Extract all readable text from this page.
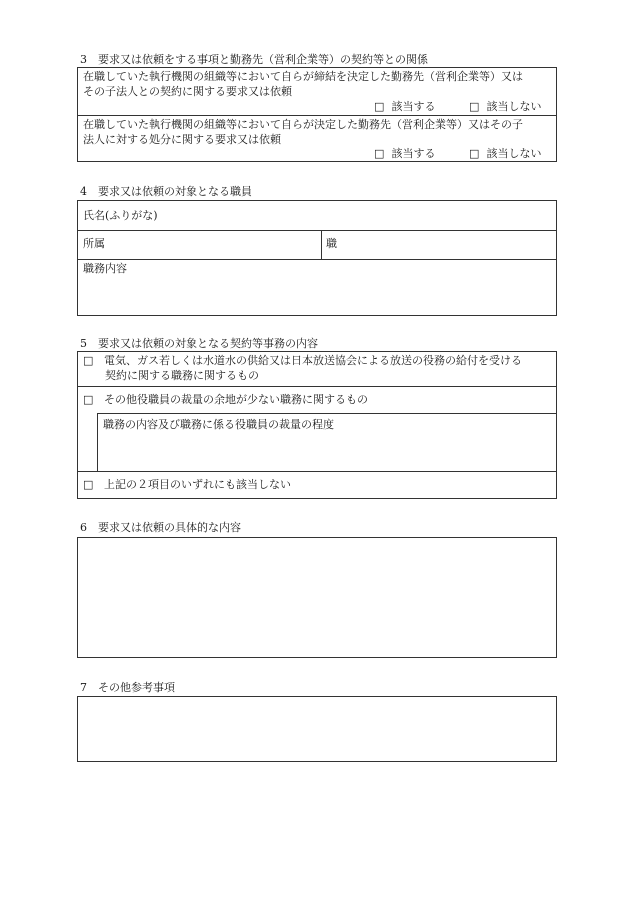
3　要求又は依頼をする事項と勤務先（営利企業等）の契約等との関係
在職していた執行機関の組織等において自らが締結を決定した勤務先（営利企業等）又は
その子法人との契約に関する要求又は依頼
□ 該当する	□ 該当しない
在職していた執行機関の組織等において自らが決定した勤務先（営利企業等）又はその子
法人に対する処分に関する要求又は依頼
□ 該当する	□ 該当しない
4　要求又は依頼の対象となる職員
氏名(ふりがな)
所属	職
職務内容
5　要求又は依頼の対象となる契約等事務の内容
□ 電気、ガス若しくは水道水の供給又は日本放送協会による放送の役務の給付を受ける
契約に関する職務に関するもの
□ その他役職員の裁量の余地が少ない職務に関するもの
職務の内容及び職務に係る役職員の裁量の程度
□ 上記の２項目のいずれにも該当しない
6　要求又は依頼の具体的な内容
7　その他参考事項
